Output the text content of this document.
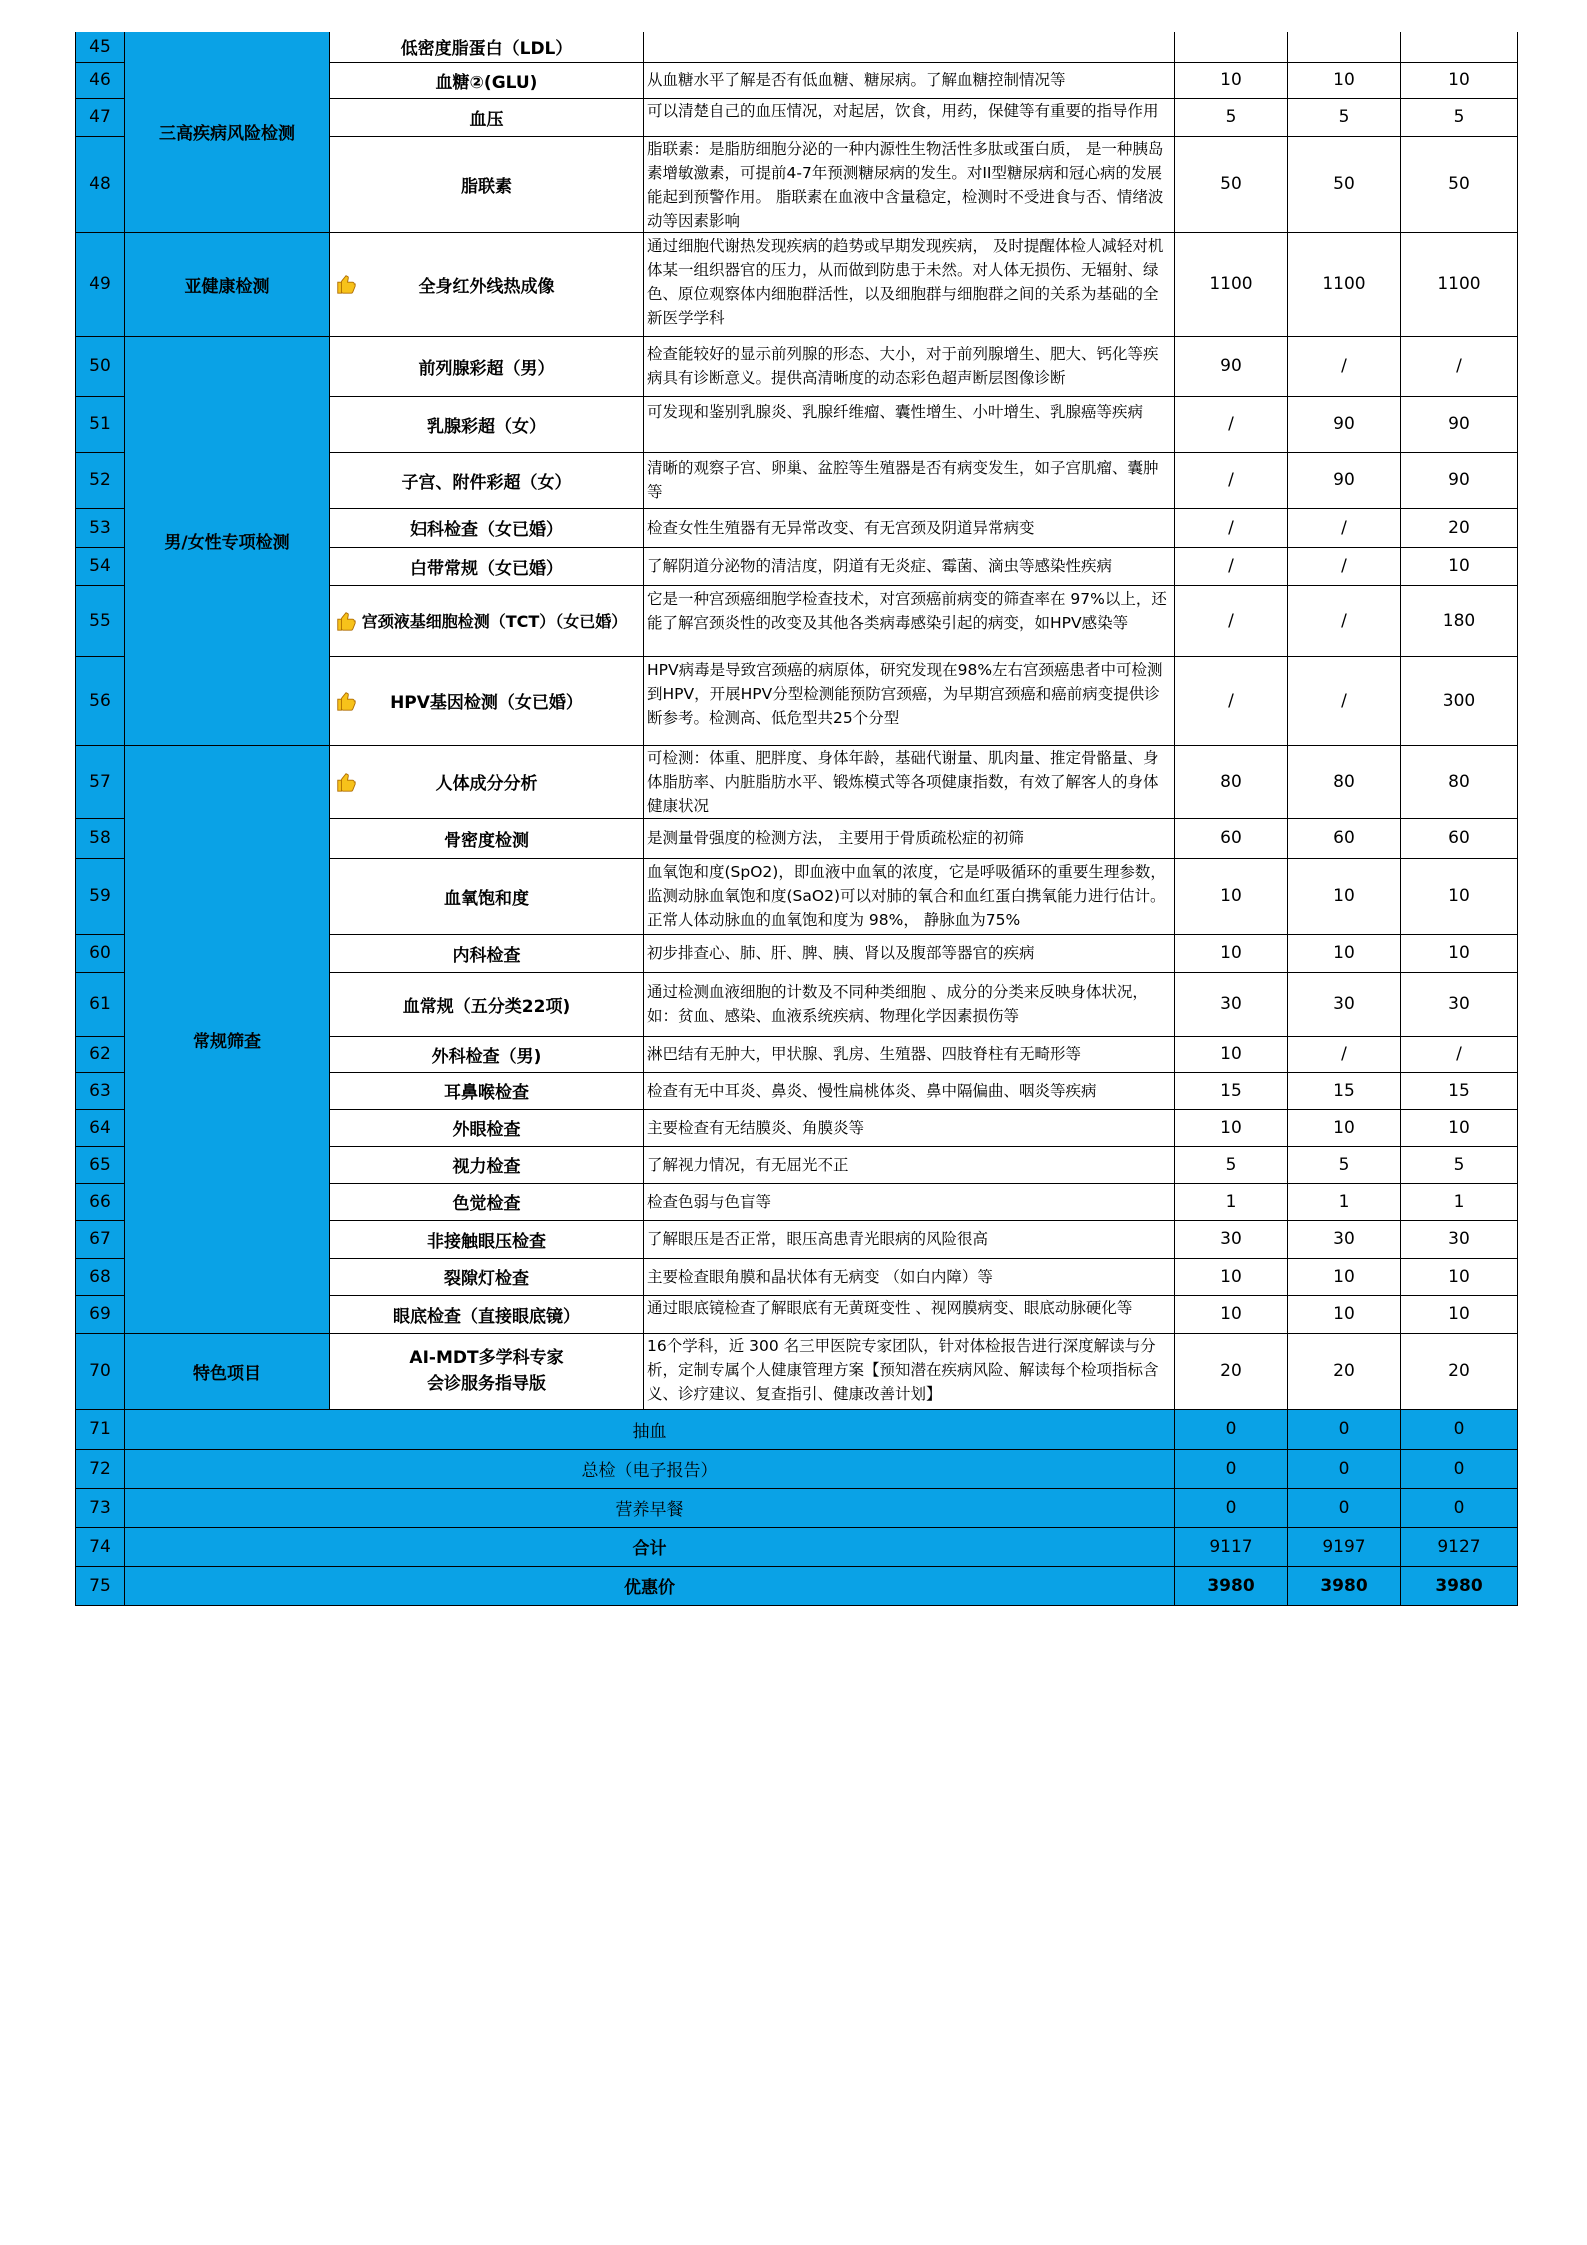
45	三高疾病风险检测	低密度脂蛋白（LDL）				
46		血糖②(GLU)	从血糖水平了解是否有低血糖、糖尿病。了解血糖控制情况等	10	10	10
47		血压	可以清楚自己的血压情况，对起居，饮食，用药，保健等有重要的指导作用	5	5	5
48		脂联素	脂联素：是脂肪细胞分泌的一种内源性生物活性多肽或蛋白质， 是一种胰岛素增敏激素，可提前4-7年预测糖尿病的发生。对II型糖尿病和冠心病的发展能起到预警作用。 脂联素在血液中含量稳定，检测时不受进食与否、情绪波动等因素影响	50	50	50
49	亚健康检测	全身红外线热成像	通过细胞代谢热发现疾病的趋势或早期发现疾病， 及时提醒体检人减轻对机体某一组织器官的压力，从而做到防患于未然。对人体无损伤、无辐射、绿色、原位观察体内细胞群活性，以及细胞群与细胞群之间的关系为基础的全新医学学科	1100	1100	1100
50	男/女性专项检测	前列腺彩超（男）	检查能较好的显示前列腺的形态、大小，对于前列腺增生、肥大、钙化等疾病具有诊断意义。提供高清晰度的动态彩色超声断层图像诊断	90	/	/
51		乳腺彩超（女）	可发现和鉴别乳腺炎、乳腺纤维瘤、囊性增生、小叶增生、乳腺癌等疾病	/	90	90
52		子宫、附件彩超（女）	清晰的观察子宫、卵巢、盆腔等生殖器是否有病变发生，如子宫肌瘤、囊肿等	/	90	90
53		妇科检查（女已婚）	检查女性生殖器有无异常改变、有无宫颈及阴道异常病变	/	/	20
54		白带常规（女已婚）	了解阴道分泌物的清洁度，阴道有无炎症、霉菌、滴虫等感染性疾病	/	/	10
55		宫颈液基细胞检测（TCT）（女已婚）	它是一种宫颈癌细胞学检查技术，对宫颈癌前病变的筛查率在 97%以上，还能了解宫颈炎性的改变及其他各类病毒感染引起的病变，如HPV感染等	/	/	180
56		HPV基因检测（女已婚）	HPV病毒是导致宫颈癌的病原体，研究发现在98%左右宫颈癌患者中可检测到HPV，开展HPV分型检测能预防宫颈癌，为早期宫颈癌和癌前病变提供诊断参考。检测高、低危型共25个分型	/	/	300
57	常规筛查	人体成分分析	可检测：体重、肥胖度、身体年龄，基础代谢量、肌肉量、推定骨骼量、身体脂肪率、内脏脂肪水平、锻炼模式等各项健康指数，有效了解客人的身体健康状况	80	80	80
58		骨密度检测	是测量骨强度的检测方法， 主要用于骨质疏松症的初筛	60	60	60
59		血氧饱和度	血氧饱和度(SpO2)，即血液中血氧的浓度，它是呼吸循环的重要生理参数，监测动脉血氧饱和度(SaO2)可以对肺的氧合和血红蛋白携氧能力进行估计。正常人体动脉血的血氧饱和度为 98%， 静脉血为75%	10	10	10
60		内科检查	初步排查心、肺、肝、脾、胰、肾以及腹部等器官的疾病	10	10	10
61		血常规（五分类22项)	通过检测血液细胞的计数及不同种类细胞 、成分的分类来反映身体状况，如：贫血、感染、血液系统疾病、物理化学因素损伤等	30	30	30
62		外科检查（男)	淋巴结有无肿大，甲状腺、乳房、生殖器、四肢脊柱有无畸形等	10	/	/
63		耳鼻喉检查	检查有无中耳炎、鼻炎、慢性扁桃体炎、鼻中隔偏曲、咽炎等疾病	15	15	15
64		外眼检查	主要检查有无结膜炎、角膜炎等	10	10	10
65		视力检查	了解视力情况，有无屈光不正	5	5	5
66		色觉检查	检查色弱与色盲等	1	1	1
67		非接触眼压检查	了解眼压是否正常，眼压高患青光眼病的风险很高	30	30	30
68		裂隙灯检查	主要检查眼角膜和晶状体有无病变 （如白内障）等	10	10	10
69		眼底检查（直接眼底镜）	通过眼底镜检查了解眼底有无黄斑变性 、视网膜病变、眼底动脉硬化等	10	10	10
70	特色项目	AI-MDT多学科专家
会诊服务指导版	16个学科，近 300 名三甲医院专家团队，针对体检报告进行深度解读与分析，定制专属个人健康管理方案【预知潜在疾病风险、解读每个检项指标含义、诊疗建议、复查指引、健康改善计划】	20	20	20
71	抽血			0	0	0
72	总检（电子报告）			0	0	0
73	营养早餐			0	0	0
74	合计			9117	9197	9127
75	优惠价			3980	3980	3980
